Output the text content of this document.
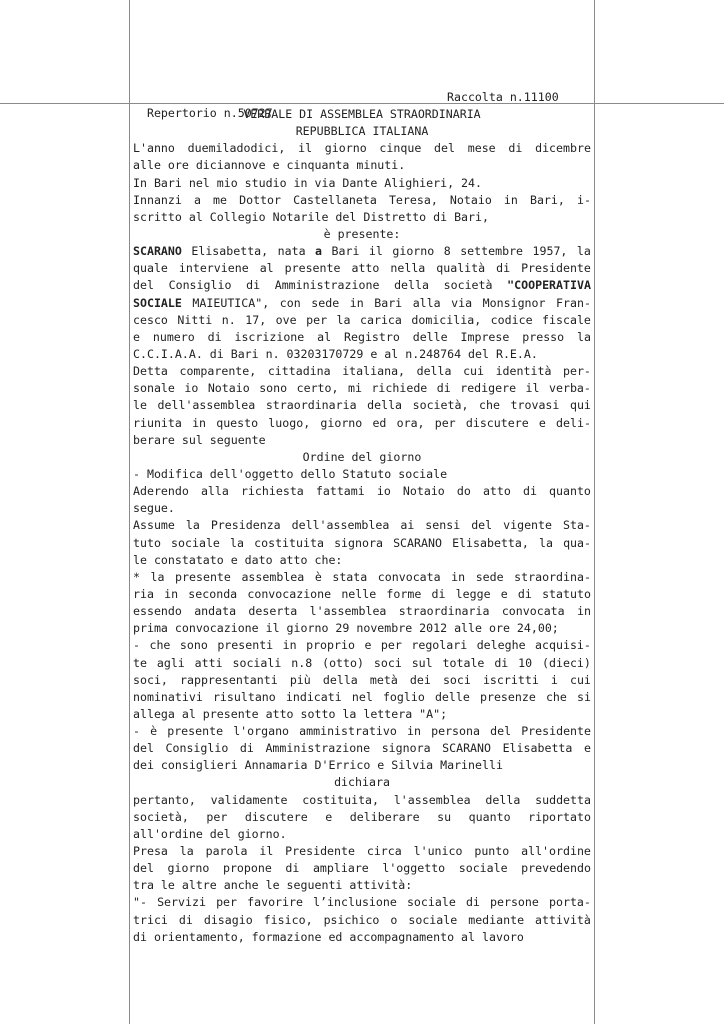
Repertorio n.50727

Raccolta n.11100

VERBALE DI ASSEMBLEA STRAORDINARIA
REPUBBLICA ITALIANA
L'anno duemiladodici, il giorno cinque del mese di dicembre
alle ore diciannove e cinquanta minuti.
In Bari nel mio studio in via Dante Alighieri, 24.
Innanzi a me Dottor Castellaneta Teresa, Notaio in Bari, i-
scritto al Collegio Notarile del Distretto di Bari,
è presente:
SCARANO Elisabetta, nata a Bari il giorno 8 settembre 1957, la
quale interviene al presente atto nella qualità di Presidente
del Consiglio di Amministrazione della società "COOPERATIVA
SOCIALE MAIEUTICA", con sede in Bari alla via Monsignor Fran-
cesco Nitti n. 17, ove per la carica domicilia, codice fiscale
e numero di iscrizione al Registro delle Imprese presso la
C.C.I.A.A. di Bari n. 03203170729 e al n.248764 del R.E.A.
Detta comparente, cittadina italiana, della cui identità per-
sonale io Notaio sono certo, mi richiede di redigere il verba-
le dell'assemblea straordinaria della società, che trovasi qui
riunita in questo luogo, giorno ed ora, per discutere e deli-
berare sul seguente
Ordine del giorno
- Modifica dell'oggetto dello Statuto sociale
Aderendo alla richiesta fattami io Notaio do atto di quanto
segue.
Assume la Presidenza dell'assemblea ai sensi del vigente Sta-
tuto sociale la costituita signora SCARANO Elisabetta, la qua-
le constatato e dato atto che:
* la presente assemblea è stata convocata in sede straordina-
ria in seconda convocazione nelle forme di legge e di statuto
essendo andata deserta l'assemblea straordinaria convocata in
prima convocazione il giorno 29 novembre 2012 alle ore 24,00;
- che sono presenti in proprio e per regolari deleghe acquisi-
te agli atti sociali n.8 (otto) soci sul totale di 10 (dieci)
soci, rappresentanti più della metà dei soci iscritti i cui
nominativi risultano indicati nel foglio delle presenze che si
allega al presente atto sotto la lettera "A";
- è presente l'organo amministrativo in persona del Presidente
del Consiglio di Amministrazione signora SCARANO Elisabetta e
dei consiglieri Annamaria D'Errico e Silvia Marinelli
dichiara
pertanto, validamente costituita, l'assemblea della suddetta
società, per discutere e deliberare su quanto riportato
all'ordine del giorno.
Presa la parola il Presidente circa l'unico punto all'ordine
del giorno propone di ampliare l'oggetto sociale prevedendo
tra le altre anche le seguenti attività:
"- Servizi per favorire l’inclusione sociale di persone porta-
trici di disagio fisico, psichico o sociale mediante attività
di orientamento, formazione ed accompagnamento al lavoro
